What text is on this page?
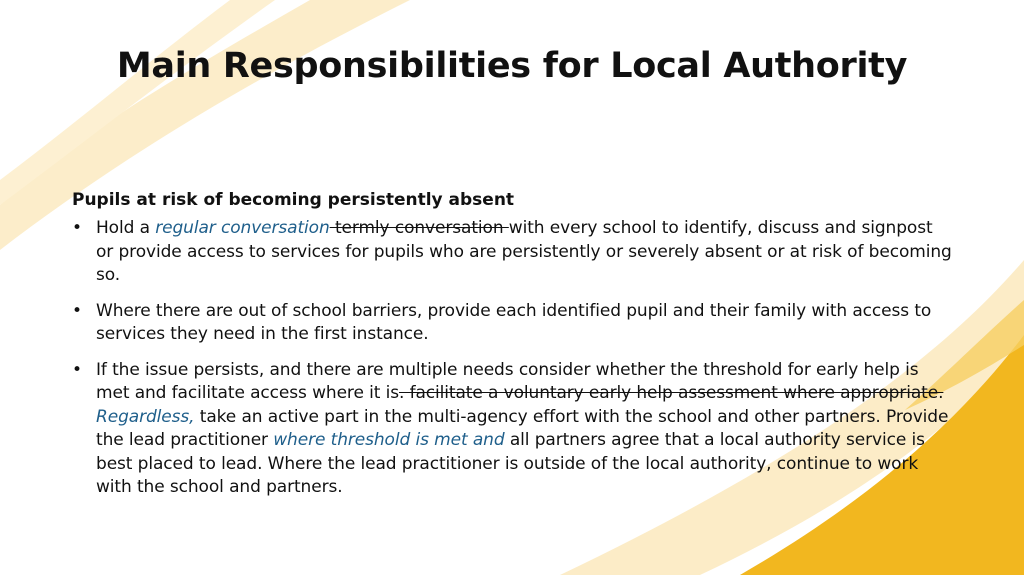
Main Responsibilities for Local Authority
Pupils at risk of becoming persistently absent
• Hold a regular conversation termly conversation with every school to identify, discuss and signpost or provide access to services for pupils who are persistently or severely absent or at risk of becoming so.
• Where there are out of school barriers, provide each identified pupil and their family with access to services they need in the first instance.
• If the issue persists, and there are multiple needs consider whether the threshold for early help is met and facilitate access where it is. facilitate a voluntary early help assessment where appropriate. Regardless, take an active part in the multi-agency effort with the school and other partners. Provide the lead practitioner where threshold is met and all partners agree that a local authority service is best placed to lead. Where the lead practitioner is outside of the local authority, continue to work with the school and partners.
